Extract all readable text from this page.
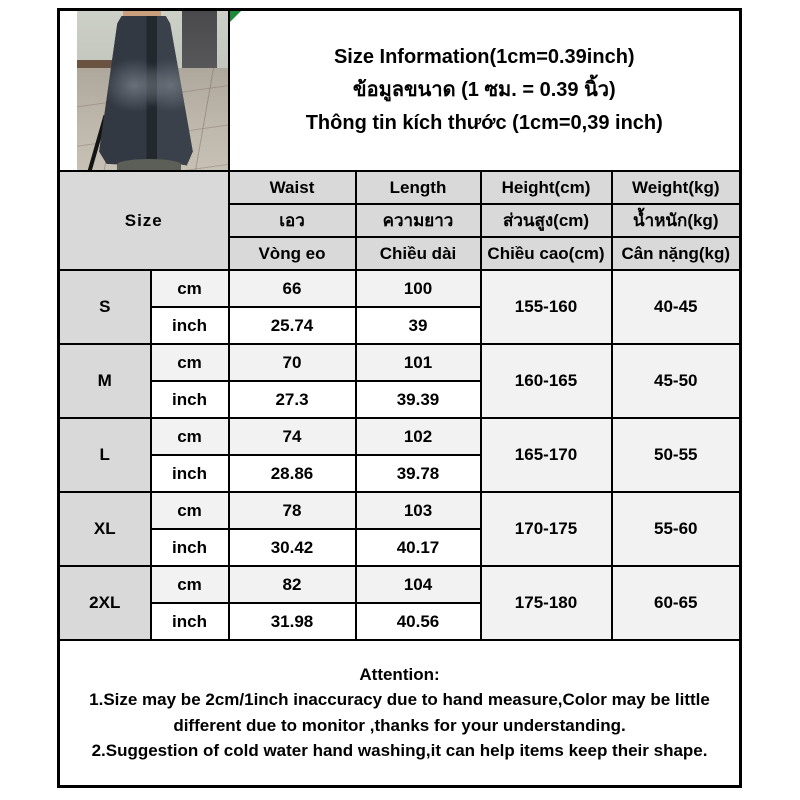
		Size Information(1cm=0.39inch)
ข้อมูลขนาด (1 ซม. = 0.39 นิ้ว)
Thông tin kích thước (1cm=0,39 inch)			

Size		Waist	Length	Height(cm)	Weight(kg)
		เอว	ความยาว	ส่วนสูง(cm)	น้ำหนัก(kg)
		Vòng eo	Chiều dài	Chiều cao(cm)	Cân nặng(kg)
S	cm	66	100	155-160	40-45
	inch	25.74	39		
M	cm	70	101	160-165	45-50
	inch	27.3	39.39		
L	cm	74	102	165-170	50-55
	inch	28.86	39.78		
XL	cm	78	103	170-175	55-60
	inch	30.42	40.17		
2XL	cm	82	104	175-180	60-65
	inch	31.98	40.56		

Attention:
1.Size may be 2cm/1inch inaccuracy due to hand measure,Color may be little different due to monitor ,thanks for your understanding.
2.Suggestion of cold water hand washing,it can help items keep their shape.					
